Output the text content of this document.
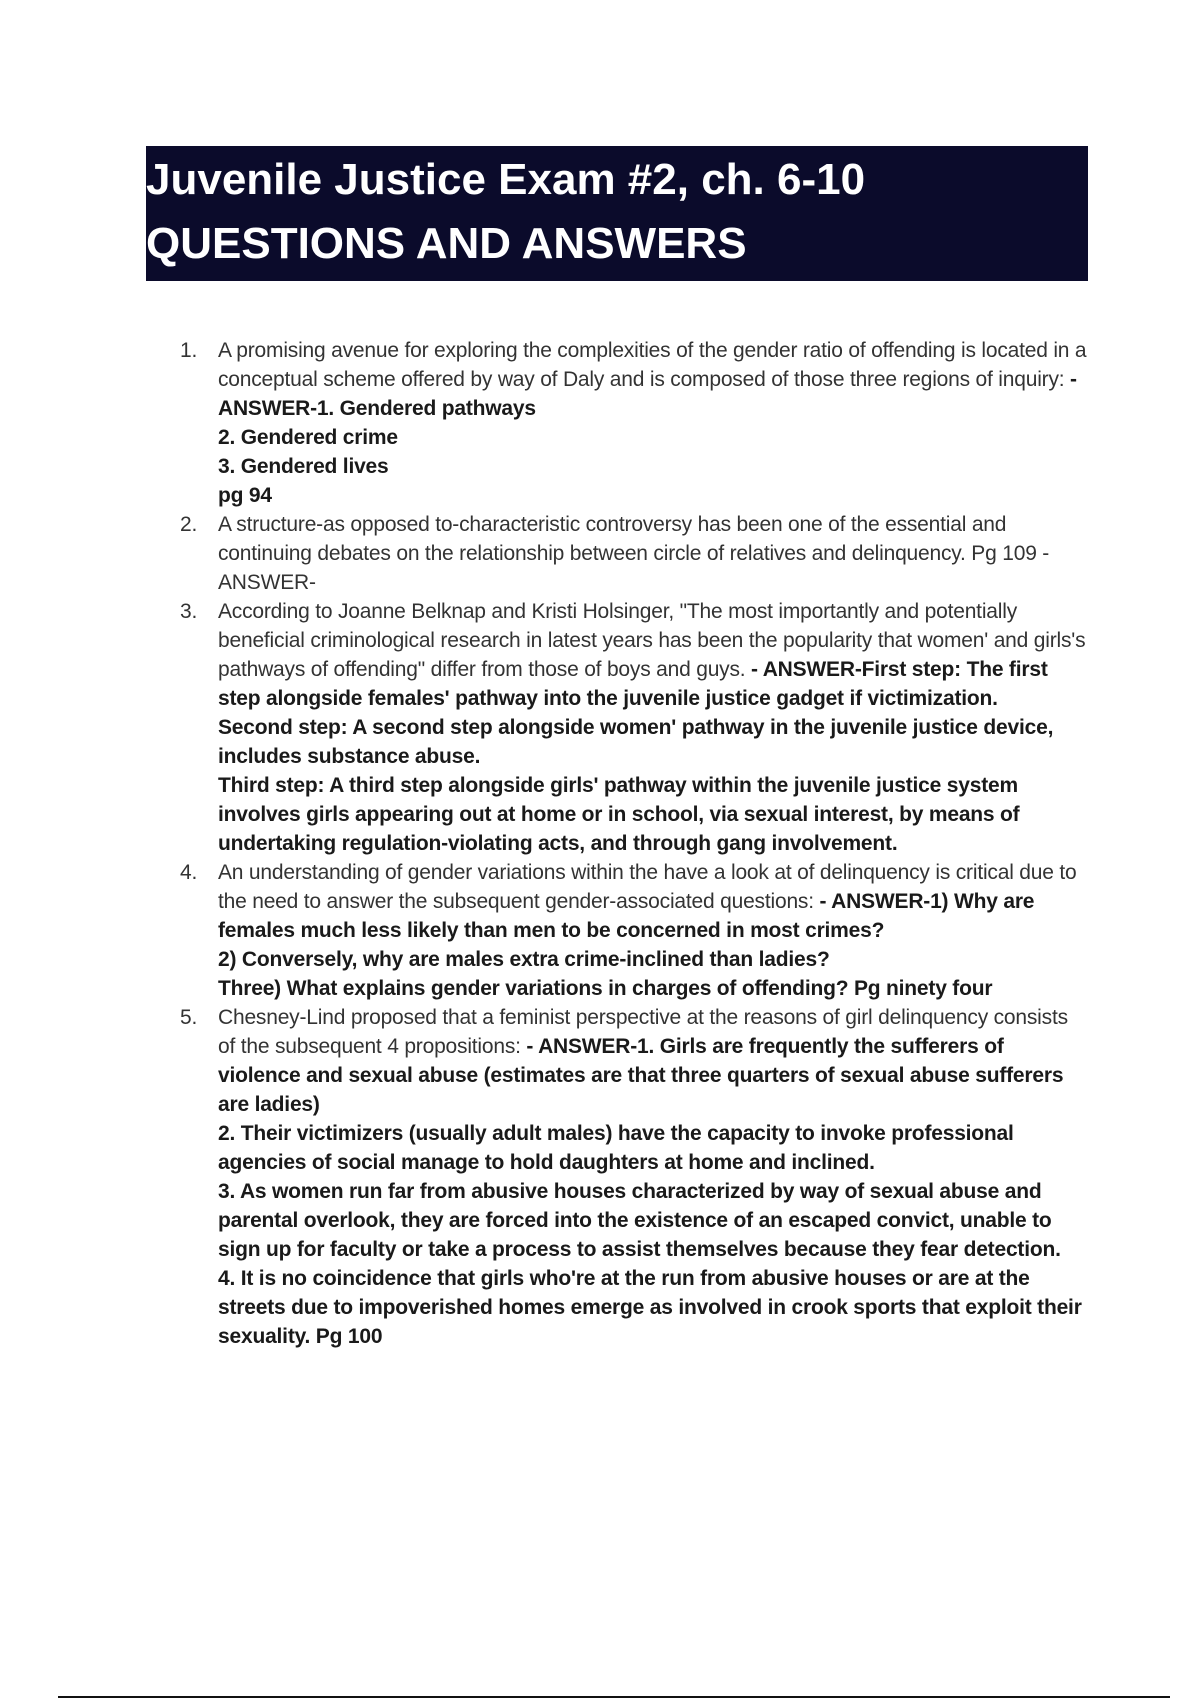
Juvenile Justice Exam #2, ch. 6-10
QUESTIONS AND ANSWERS
1. A promising avenue for exploring the complexities of the gender ratio of offending is located in a conceptual scheme offered by way of Daly and is composed of those three regions of inquiry: - ANSWER-1. Gendered pathways
2. Gendered crime
3. Gendered lives
pg 94
2. A structure-as opposed to-characteristic controversy has been one of the essential and continuing debates on the relationship between circle of relatives and delinquency. Pg 109 - ANSWER-
3. According to Joanne Belknap and Kristi Holsinger, "The most importantly and potentially beneficial criminological research in latest years has been the popularity that women' and girls's pathways of offending" differ from those of boys and guys. - ANSWER-First step: The first step alongside females' pathway into the juvenile justice gadget if victimization.
Second step: A second step alongside women' pathway in the juvenile justice device, includes substance abuse.
Third step: A third step alongside girls' pathway within the juvenile justice system involves girls appearing out at home or in school, via sexual interest, by means of undertaking regulation-violating acts, and through gang involvement.
4. An understanding of gender variations within the have a look at of delinquency is critical due to the need to answer the subsequent gender-associated questions: - ANSWER-1) Why are females much less likely than men to be concerned in most crimes?
2) Conversely, why are males extra crime-inclined than ladies?
Three) What explains gender variations in charges of offending? Pg ninety four
5. Chesney-Lind proposed that a feminist perspective at the reasons of girl delinquency consists of the subsequent 4 propositions: - ANSWER-1. Girls are frequently the sufferers of violence and sexual abuse (estimates are that three quarters of sexual abuse sufferers are ladies)
2. Their victimizers (usually adult males) have the capacity to invoke professional agencies of social manage to hold daughters at home and inclined.
3. As women run far from abusive houses characterized by way of sexual abuse and parental overlook, they are forced into the existence of an escaped convict, unable to sign up for faculty or take a process to assist themselves because they fear detection.
4. It is no coincidence that girls who're at the run from abusive houses or are at the streets due to impoverished homes emerge as involved in crook sports that exploit their sexuality. Pg 100
